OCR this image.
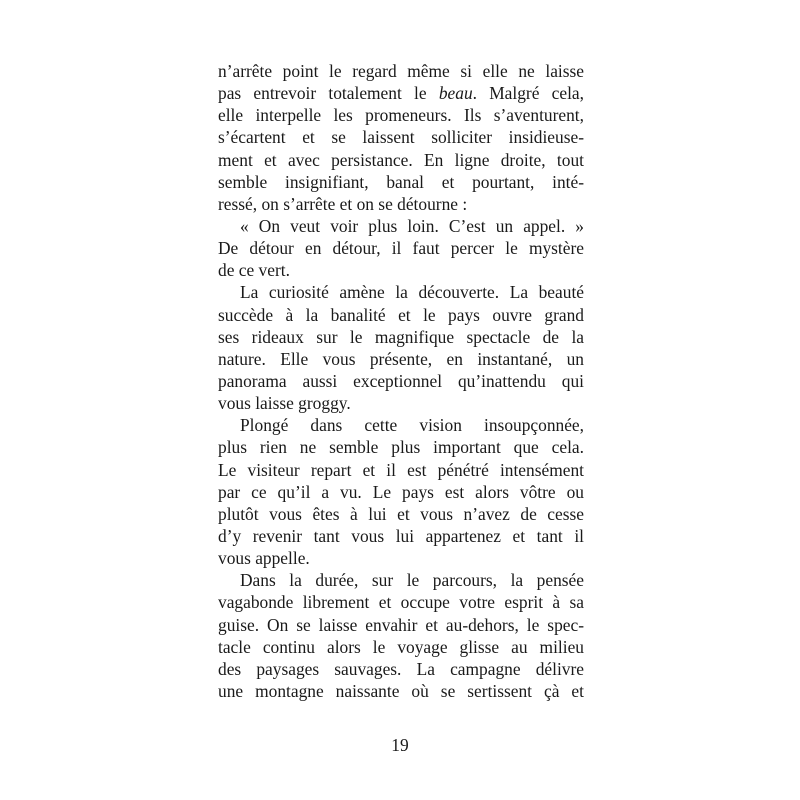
n’arrête point le regard même si elle ne laisse
pas entrevoir totalement le beau. Malgré cela,
elle interpelle les promeneurs. Ils s’aventurent,
s’écartent et se laissent solliciter insidieuse-
ment et avec persistance. En ligne droite, tout
semble insignifiant, banal et pourtant, inté-
ressé, on s’arrête et on se détourne :
« On veut voir plus loin. C’est un appel. »
De détour en détour, il faut percer le mystère
de ce vert.
La curiosité amène la découverte. La beauté
succède à la banalité et le pays ouvre grand
ses rideaux sur le magnifique spectacle de la
nature. Elle vous présente, en instantané, un
panorama aussi exceptionnel qu’inattendu qui
vous laisse groggy.
Plongé dans cette vision insoupçonnée,
plus rien ne semble plus important que cela.
Le visiteur repart et il est pénétré intensément
par ce qu’il a vu. Le pays est alors vôtre ou
plutôt vous êtes à lui et vous n’avez de cesse
d’y revenir tant vous lui appartenez et tant il
vous appelle.
Dans la durée, sur le parcours, la pensée
vagabonde librement et occupe votre esprit à sa
guise. On se laisse envahir et au-dehors, le spec-
tacle continu alors le voyage glisse au milieu
des paysages sauvages. La campagne délivre
une montagne naissante où se sertissent çà et
19
